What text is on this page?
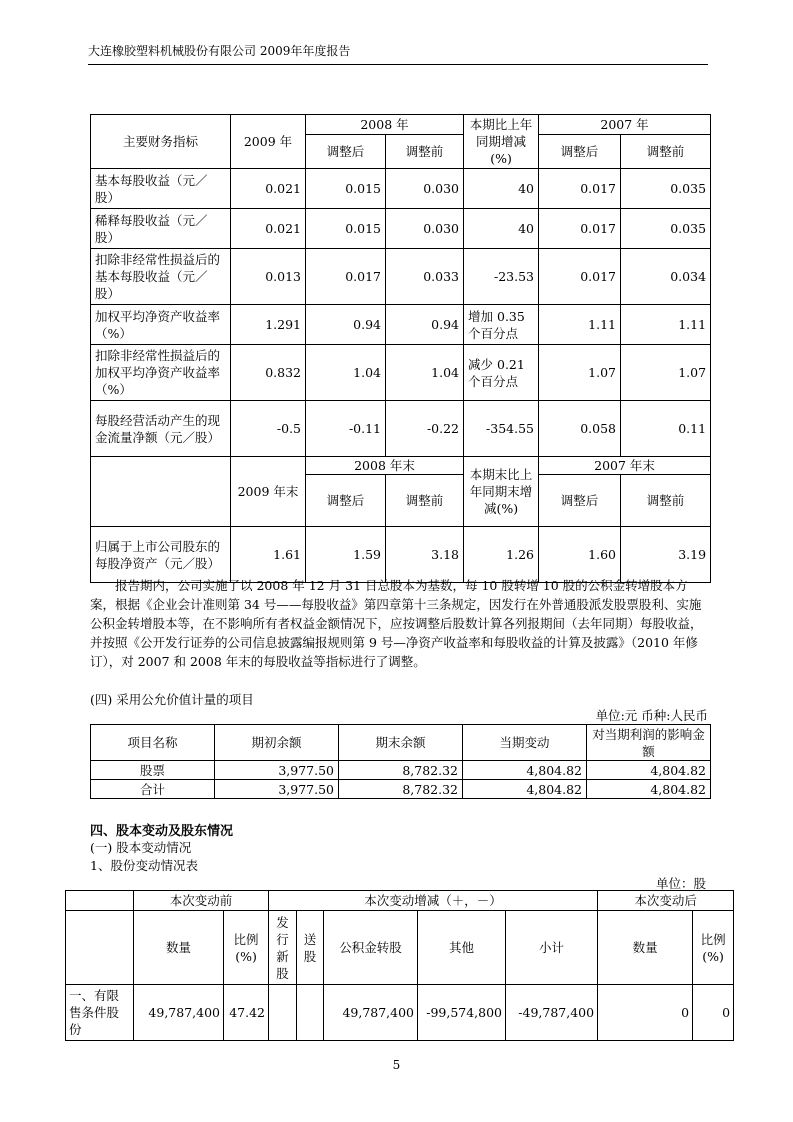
大连橡胶塑料机械股份有限公司 2009年年度报告
主要财务指标	2009 年	2008 年		本期比上年同期增减(%)	2007 年	
		调整后	调整前		调整后	调整前
基本每股收益（元／股）	0.021	0.015	0.030	40	0.017	0.035
稀释每股收益（元／股）	0.021	0.015	0.030	40	0.017	0.035
扣除非经常性损益后的基本每股收益（元／股）	0.013	0.017	0.033	-23.53	0.017	0.034
加权平均净资产收益率（%）	1.291	0.94	0.94	增加 0.35 个百分点	1.11	1.11
扣除非经常性损益后的加权平均净资产收益率（%）	0.832	1.04	1.04	减少 0.21 个百分点	1.07	1.07
每股经营活动产生的现金流量净额（元／股）	-0.5	-0.11	-0.22	-354.55	0.058	0.11
	2009 年末	2008 年末		本期末比上年同期末增减(%)	2007 年末	
		调整后	调整前		调整后	调整前
归属于上市公司股东的每股净资产（元／股）	1.61	1.59	3.18	1.26	1.60	3.19
报告期内，公司实施了以 2008 年 12 月 31 日总股本为基数，每 10 股转增 10 股的公积金转增股本方案，根据《企业会计准则第 34 号——每股收益》第四章第十三条规定，因发行在外普通股派发股票股利、实施公积金转增股本等，在不影响所有者权益金额情况下，应按调整后股数计算各列报期间（去年同期）每股收益，并按照《公开发行证券的公司信息披露编报规则第 9 号—净资产收益率和每股收益的计算及披露》（2010 年修订），对 2007 和 2008 年末的每股收益等指标进行了调整。
(四) 采用公允价值计量的项目
单位:元 币种:人民币
项目名称	期初余额	期末余额	当期变动	对当期利润的影响金额
股票	3,977.50	8,782.32	4,804.82	4,804.82
合计	3,977.50	8,782.32	4,804.82	4,804.82
四、股本变动及股东情况
(一) 股本变动情况
1、股份变动情况表
单位：股
	本次变动前		本次变动增减（＋，－）					本次变动后	
	数量	比例(%)	发行新股	送股	公积金转股	其他	小计	数量	比例(%)
一、有限售条件股份	49,787,400	47.42			49,787,400	-99,574,800	-49,787,400	0	0
5
